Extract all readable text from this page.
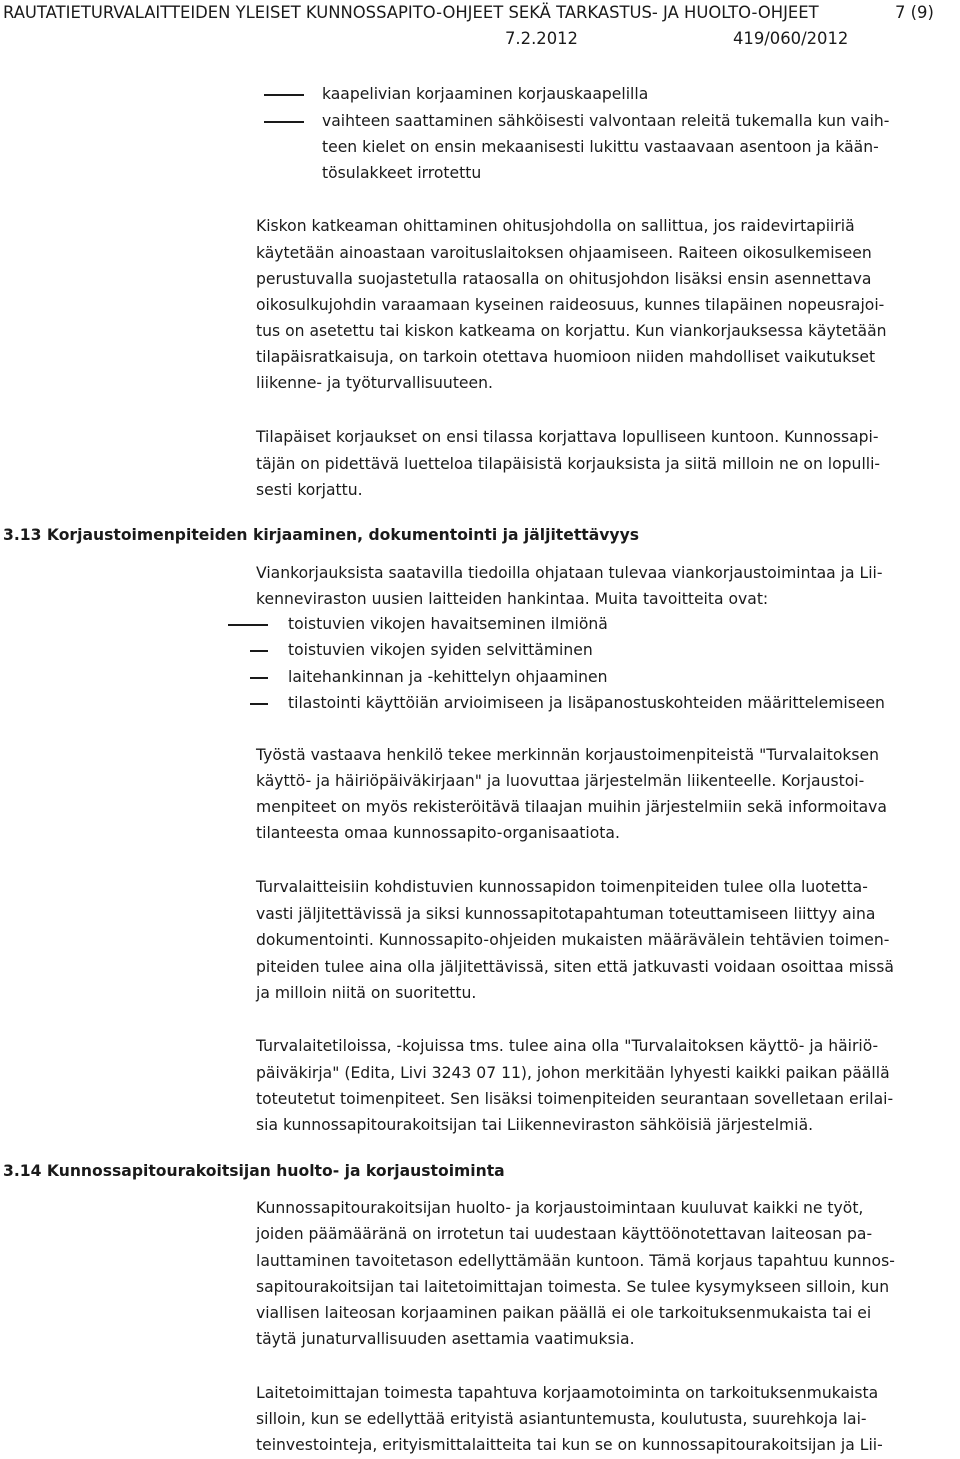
RAUTATIETURVALAITTEIDEN YLEISET KUNNOSSAPITO-OHJEET SEKÄ TARKASTUS- JA HUOLTO-OHJEET	7 (9)
7.2.2012	419/060/2012
kaapelivian korjaaminen korjauskaapelilla
vaihteen saattaminen sähköisesti valvontaan releitä tukemalla kun vaih-
teen kielet on ensin mekaanisesti lukittu vastaavaan asentoon ja kään-
tösulakkeet irrotettu
Kiskon katkeaman ohittaminen ohitusjohdolla on sallittua, jos raidevirtapiiriä
käytetään ainoastaan varoituslaitoksen ohjaamiseen. Raiteen oikosulkemiseen
perustuvalla suojastetulla rataosalla on ohitusjohdon lisäksi ensin asennettava
oikosulkujohdin varaamaan kyseinen raideosuus, kunnes tilapäinen nopeusrajoi-
tus on asetettu tai kiskon katkeama on korjattu. Kun viankorjauksessa käytetään
tilapäisratkaisuja, on tarkoin otettava huomioon niiden mahdolliset vaikutukset
liikenne- ja työturvallisuuteen.
Tilapäiset korjaukset on ensi tilassa korjattava lopulliseen kuntoon. Kunnossapi-
täjän on pidettävä luetteloa tilapäisistä korjauksista ja siitä milloin ne on lopulli-
sesti korjattu.
3.13 Korjaustoimenpiteiden kirjaaminen, dokumentointi ja jäljitettävyys
Viankorjauksista saatavilla tiedoilla ohjataan tulevaa viankorjaustoimintaa ja Lii-
kenneviraston uusien laitteiden hankintaa. Muita tavoitteita ovat:
toistuvien vikojen havaitseminen ilmiönä
toistuvien vikojen syiden selvittäminen
laitehankinnan ja -kehittelyn ohjaaminen
tilastointi käyttöiän arvioimiseen ja lisäpanostuskohteiden määrittelemiseen
Työstä vastaava henkilö tekee merkinnän korjaustoimenpiteistä "Turvalaitoksen
käyttö- ja häiriöpäiväkirjaan" ja luovuttaa järjestelmän liikenteelle. Korjaustoi-
menpiteet on myös rekisteröitävä tilaajan muihin järjestelmiin sekä informoitava
tilanteesta omaa kunnossapito-organisaatiota.
Turvalaitteisiin kohdistuvien kunnossapidon toimenpiteiden tulee olla luotetta-
vasti jäljitettävissä ja siksi kunnossapitotapahtuman toteuttamiseen liittyy aina
dokumentointi. Kunnossapito-ohjeiden mukaisten määrävälein tehtävien toimen-
piteiden tulee aina olla jäljitettävissä, siten että jatkuvasti voidaan osoittaa missä
ja milloin niitä on suoritettu.
Turvalaitetiloissa, -kojuissa tms. tulee aina olla "Turvalaitoksen käyttö- ja häiriö-
päiväkirja" (Edita, Livi 3243 07 11), johon merkitään lyhyesti kaikki paikan päällä
toteutetut toimenpiteet. Sen lisäksi toimenpiteiden seurantaan sovelletaan erilai-
sia kunnossapitourakoitsijan tai Liikenneviraston sähköisiä järjestelmiä.
3.14 Kunnossapitourakoitsijan huolto- ja korjaustoiminta
Kunnossapitourakoitsijan huolto- ja korjaustoimintaan kuuluvat kaikki ne työt,
joiden päämääränä on irrotetun tai uudestaan käyttöönotettavan laiteosan pa-
lauttaminen tavoitetason edellyttämään kuntoon. Tämä korjaus tapahtuu kunnos-
sapitourakoitsijan tai laitetoimittajan toimesta. Se tulee kysymykseen silloin, kun
viallisen laiteosan korjaaminen paikan päällä ei ole tarkoituksenmukaista tai ei
täytä junaturvallisuuden asettamia vaatimuksia.
Laitetoimittajan toimesta tapahtuva korjaamotoiminta on tarkoituksenmukaista
silloin, kun se edellyttää erityistä asiantuntemusta, koulutusta, suurehkoja lai-
teinvestointeja, erityismittalaitteita tai kun se on kunnossapitourakoitsijan ja Lii-
